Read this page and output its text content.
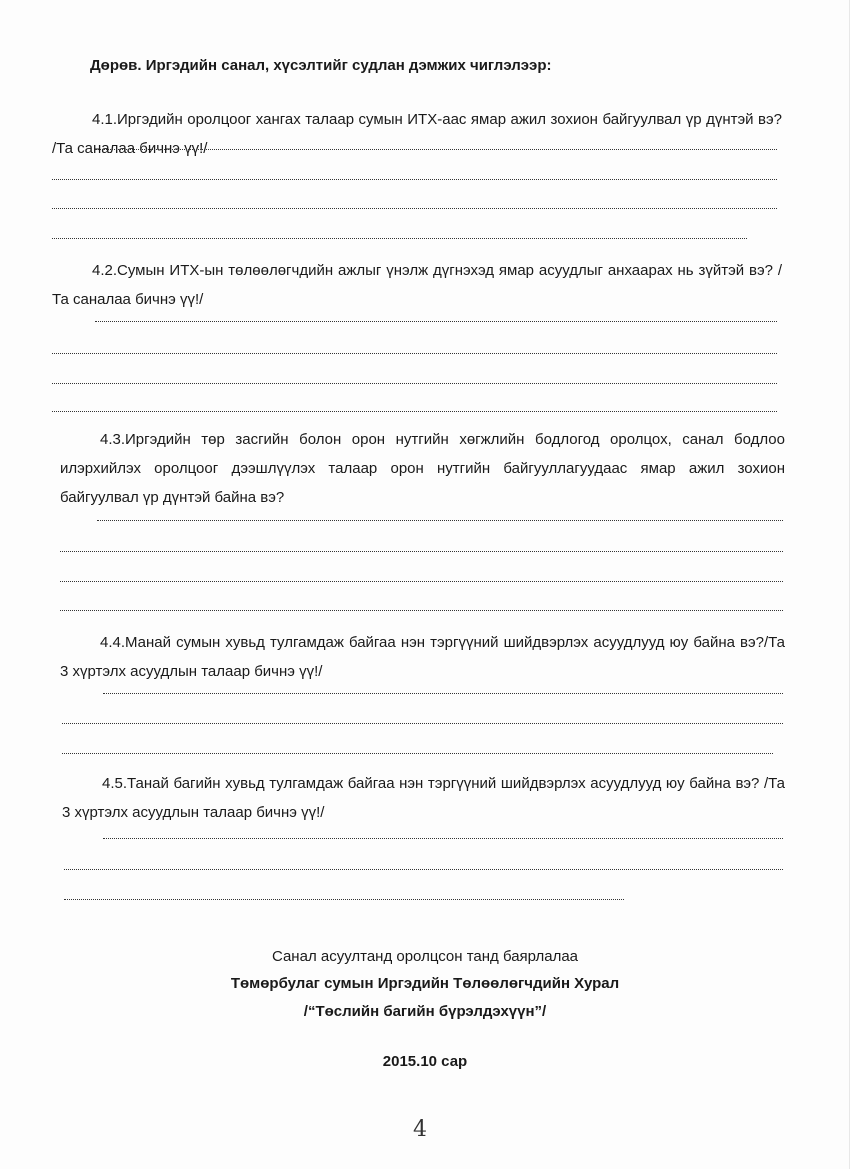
Дөрөв. Иргэдийн санал, хүсэлтийг судлан дэмжих чиглэлээр:
4.1.Иргэдийн оролцоог хангах талаар сумын ИТХ-аас ямар ажил зохион байгуулвал үр дүнтэй вэ? /Та саналаа бичнэ үү!/
4.2.Сумын ИТХ-ын төлөөлөгчдийн ажлыг үнэлж дүгнэхэд ямар асуудлыг анхаарах нь зүйтэй вэ? /Та саналаа бичнэ үү!/
4.3.Иргэдийн төр засгийн болон орон нутгийн хөгжлийн бодлогод оролцох, санал бодлоо илэрхийлэх оролцоог дээшлүүлэх талаар орон нутгийн байгууллагуудаас ямар ажил зохион байгуулвал үр дүнтэй байна вэ?
4.4.Манай сумын хувьд тулгамдаж байгаа нэн тэргүүний шийдвэрлэх асуудлууд юу байна вэ?/Та 3 хүртэлх асуудлын талаар бичнэ үү!/
4.5.Танай багийн хувьд тулгамдаж байгаа нэн тэргүүний шийдвэрлэх асуудлууд юу байна вэ? /Та 3 хүртэлх асуудлын талаар бичнэ үү!/
Санал асуултанд оролцсон танд баярлалаа
Төмөрбулаг сумын Иргэдийн Төлөөлөгчдийн Хурал
/“Төслийн багийн бүрэлдэхүүн”/
2015.10 сар
4
